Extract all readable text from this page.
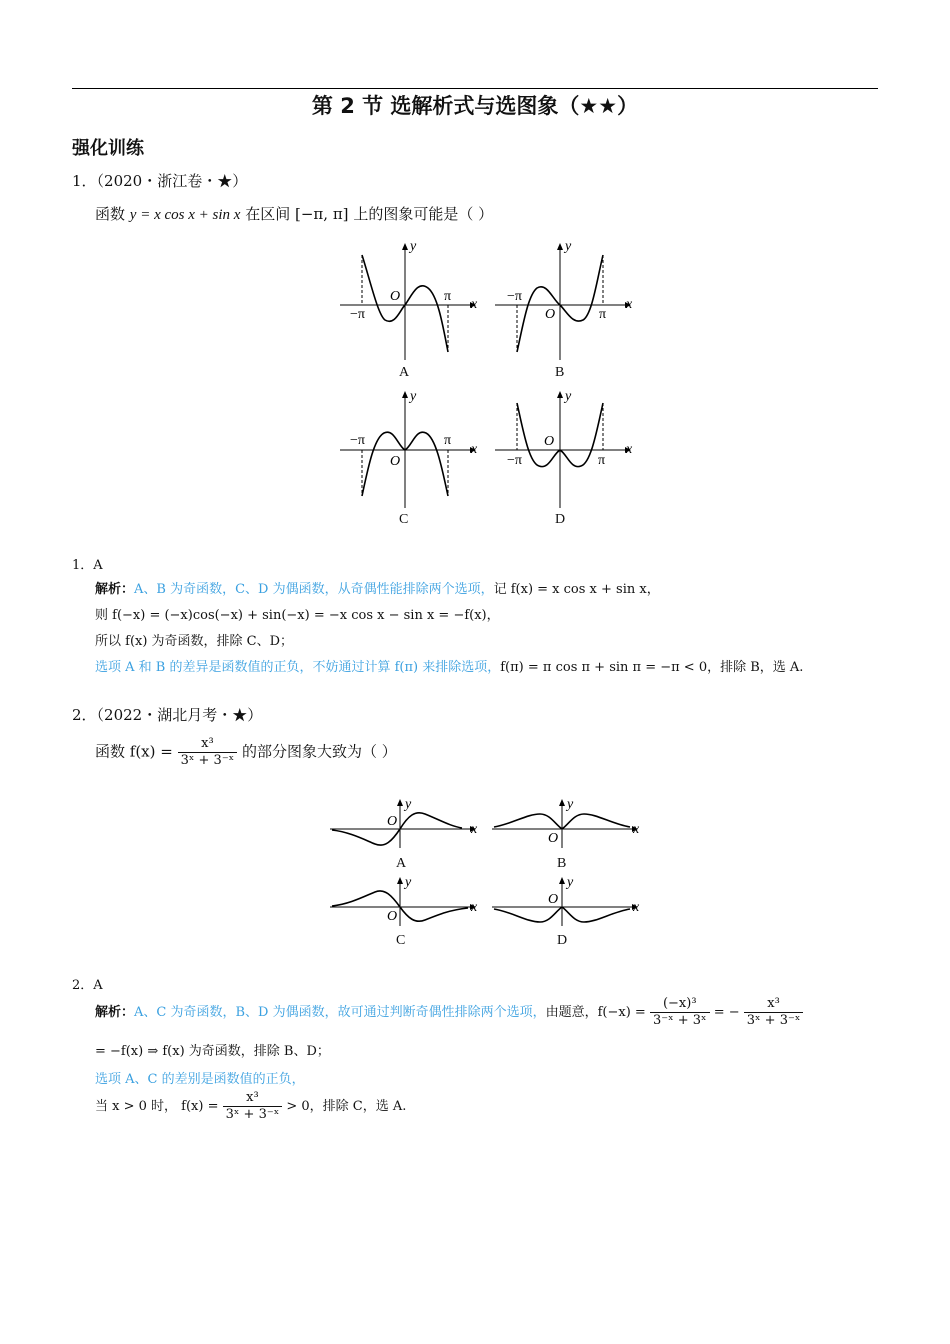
第 2 节 选解析式与选图象（★★）
强化训练
1．（2020・浙江卷・★）
函数 y = x cos x + sin x 在区间 [−π, π] 上的图象可能是（ ）
y
x
O	π
−π
A
y
x
O	π
−π
B
y
x
O
π
−π
C
y
x
O
π
−π
D
1．A
解析：A、B 为奇函数，C、D 为偶函数，从奇偶性能排除两个选项，记 f(x) = x cos x + sin x，
则 f(−x) = (−x)cos(−x) + sin(−x) = −x cos x − sin x = −f(x)，
所以 f(x) 为奇函数，排除 C、D；
选项 A 和 B 的差异是函数值的正负，不妨通过计算 f(π) 来排除选项，f(π) = π cos π + sin π = −π < 0，排除 B，选 A.
2．（2022・湖北月考・★）
函数 $f(x) = \frac{\text{x³}}{\text{3ˣ + 3⁻ˣ}}$ 的部分图象大致为（ ）
y
x
O
A
y
x
O
B
y
x
O
C
y
x
O
D
2．A
解析：A、C 为奇函数，B、D 为偶函数，故可通过判断奇偶性排除两个选项，由题意，$f(-x) = \frac{\text{(−x)³}}{\text{3⁻ˣ + 3ˣ}}$ = − $\frac{\text{x³}}{\text{3ˣ + 3⁻ˣ}}$
= −f(x) ⇒ f(x) 为奇函数，排除 B、D；
选项 A、C 的差别是函数值的正负，
当 x > 0 时， $f(x) = \frac{\text{x³}}{\text{3ˣ + 3⁻ˣ}} > 0$，排除 C，选 A.
